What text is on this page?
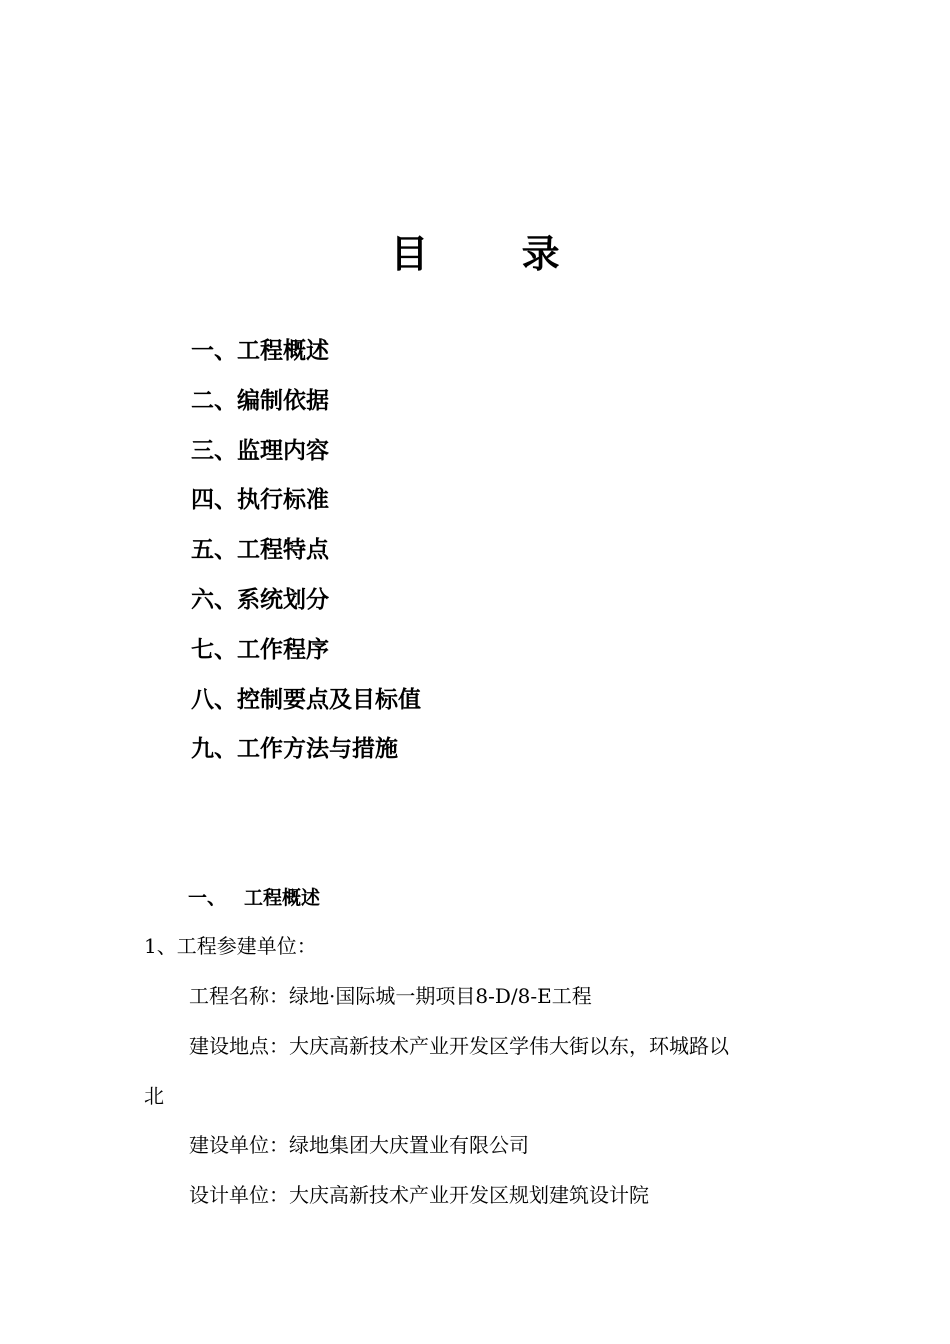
目 录
一、工程概述
二、编制依据
三、监理内容
四、执行标准
五、工程特点
六、系统划分
七、工作程序
八、控制要点及目标值
九、工作方法与措施
一、 工程概述
1、工程参建单位：
工程名称：绿地·国际城一期项目8-D/8-E工程
建设地点：大庆高新技术产业开发区学伟大街以东，环城路以
北
建设单位：绿地集团大庆置业有限公司
设计单位：大庆高新技术产业开发区规划建筑设计院
